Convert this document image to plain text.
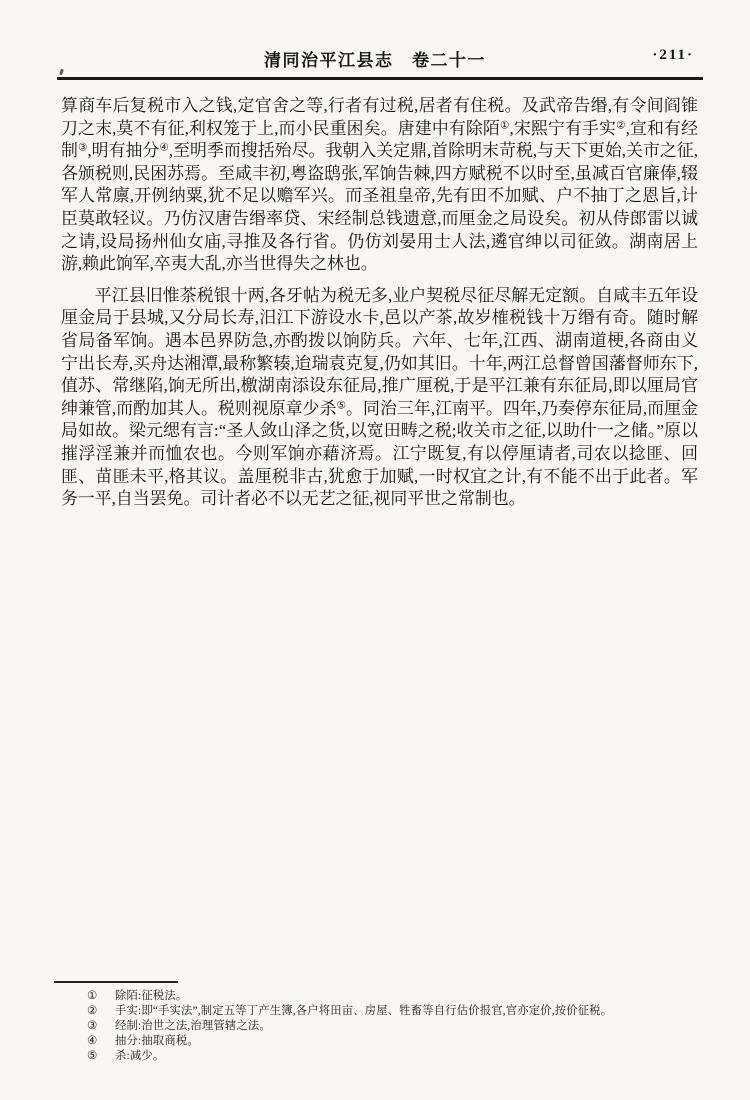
清同治平江县志　卷二十一	·211·

算商车后复税市入之钱,定官舍之等,行者有过税,居者有住税。及武帝告缗,有令间阎锥刀之末,莫不有征,利权笼于上,而小民重困矣。唐建中有除陌①,宋熙宁有手实②,宣和有经制③,明有抽分④,至明季而搜括殆尽。我朝入关定鼎,首除明末苛税,与天下更始,关市之征,各颁税则,民困苏焉。至咸丰初,粤盗鸱张,军饷告棘,四方赋税不以时至,虽减百官廉俸,辍军人常廪,开例纳粟,犹不足以赡军兴。而圣祖皇帝,先有田不加赋、户不抽丁之恩旨,计臣莫敢轻议。乃仿汉唐告缗率贷、宋经制总钱遗意,而厘金之局设矣。初从侍郎雷以诚之请,设局扬州仙女庙,寻推及各行省。仍仿刘晏用士人法,遴官绅以司征敛。湖南居上游,赖此饷军,卒夷大乱,亦当世得失之林也。

平江县旧惟茶税银十两,各牙帖为税无多,业户契税尽征尽解无定额。自咸丰五年设厘金局于县城,又分局长寿,汨江下游设水卡,邑以产茶,故岁榷税钱十万缗有奇。随时解省局备军饷。遇本邑界防急,亦酌拨以饷防兵。六年、七年,江西、湖南道梗,各商由义宁出长寿,买舟达湘潭,最称繁辏,迨瑞袁克复,仍如其旧。十年,两江总督曾国藩督师东下,值苏、常继陷,饷无所出,檄湖南添设东征局,推广厘税,于是平江兼有东征局,即以厘局官绅兼管,而酌加其人。税则视原章少杀⑤。同治三年,江南平。四年,乃奏停东征局,而厘金局如故。梁元缌有言:“圣人敛山泽之货,以宽田畴之税;收关市之征,以助什一之储。”原以摧浮淫兼并而恤农也。今则军饷亦藉济焉。江宁既复,有以停厘请者,司农以捻匪、回匪、苗匪未平,格其议。盖厘税非古,犹愈于加赋,一时权宜之计,有不能不出于此者。军务一平,自当罢免。司计者必不以无艺之征,视同平世之常制也。

①	除陌:征税法。
②	手实:即“手实法”,制定五等丁产生簿,各户将田亩、房屋、牲畜等自行估价报官,官亦定价,按价征税。
③	经制:治世之法,治理管辖之法。
④	抽分:抽取商税。
⑤	杀:减少。
